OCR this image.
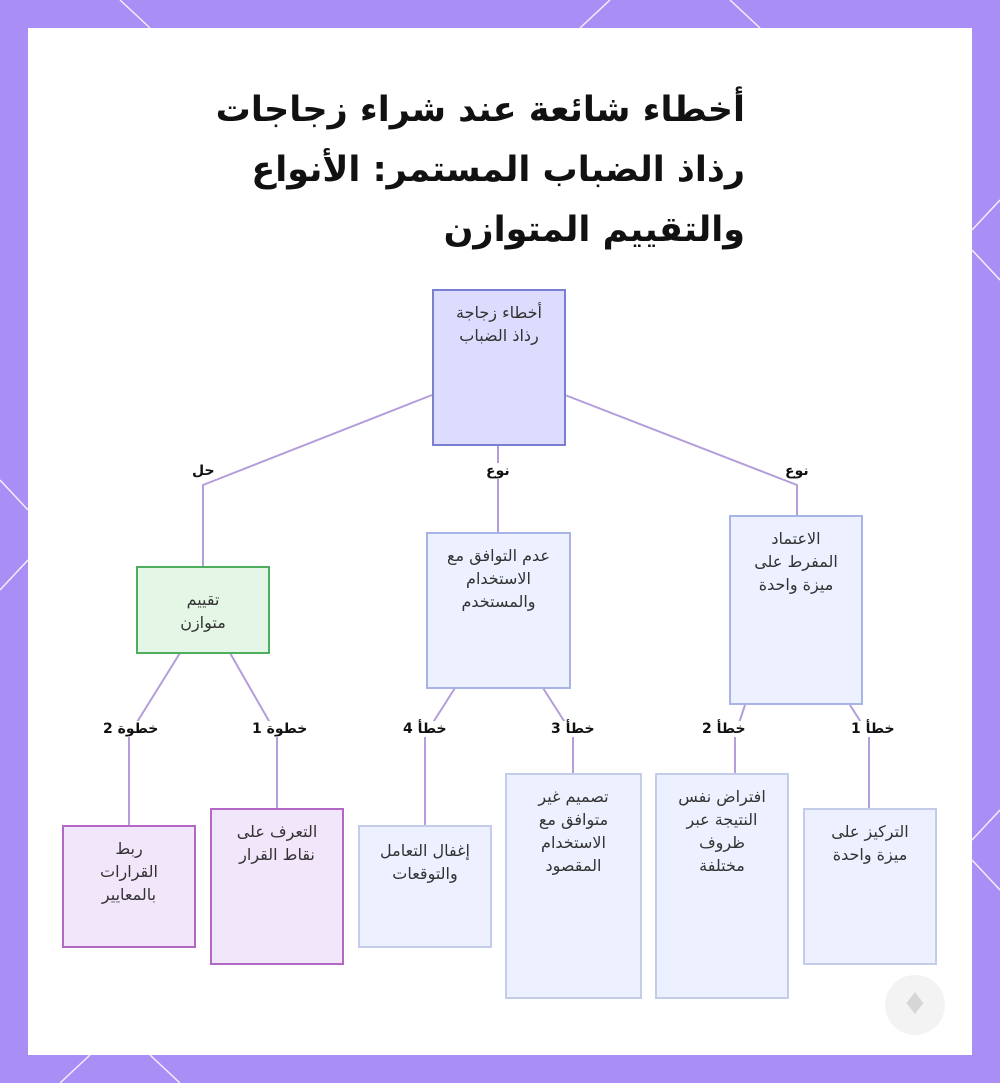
أخطاء شائعة عند شراء زجاجات رذاذ الضباب المستمر: الأنواع والتقييم المتوازن
حل	نوع	نوع
خطوة 2	خطوة 1	خطأ 4	خطأ 3	خطأ 2	خطأ 1
أخطاء زجاجة رذاذ الضباب
تقييم متوازن
عدم التوافق مع الاستخدام والمستخدم
الاعتماد المفرط على ميزة واحدة
ربط القرارات بالمعايير
التعرف على نقاط القرار	إغفال التعامل والتوقعات
تصميم غير متوافق مع الاستخدام المقصود
افتراض نفس النتيجة عبر ظروف مختلفة
التركيز على ميزة واحدة
♦
